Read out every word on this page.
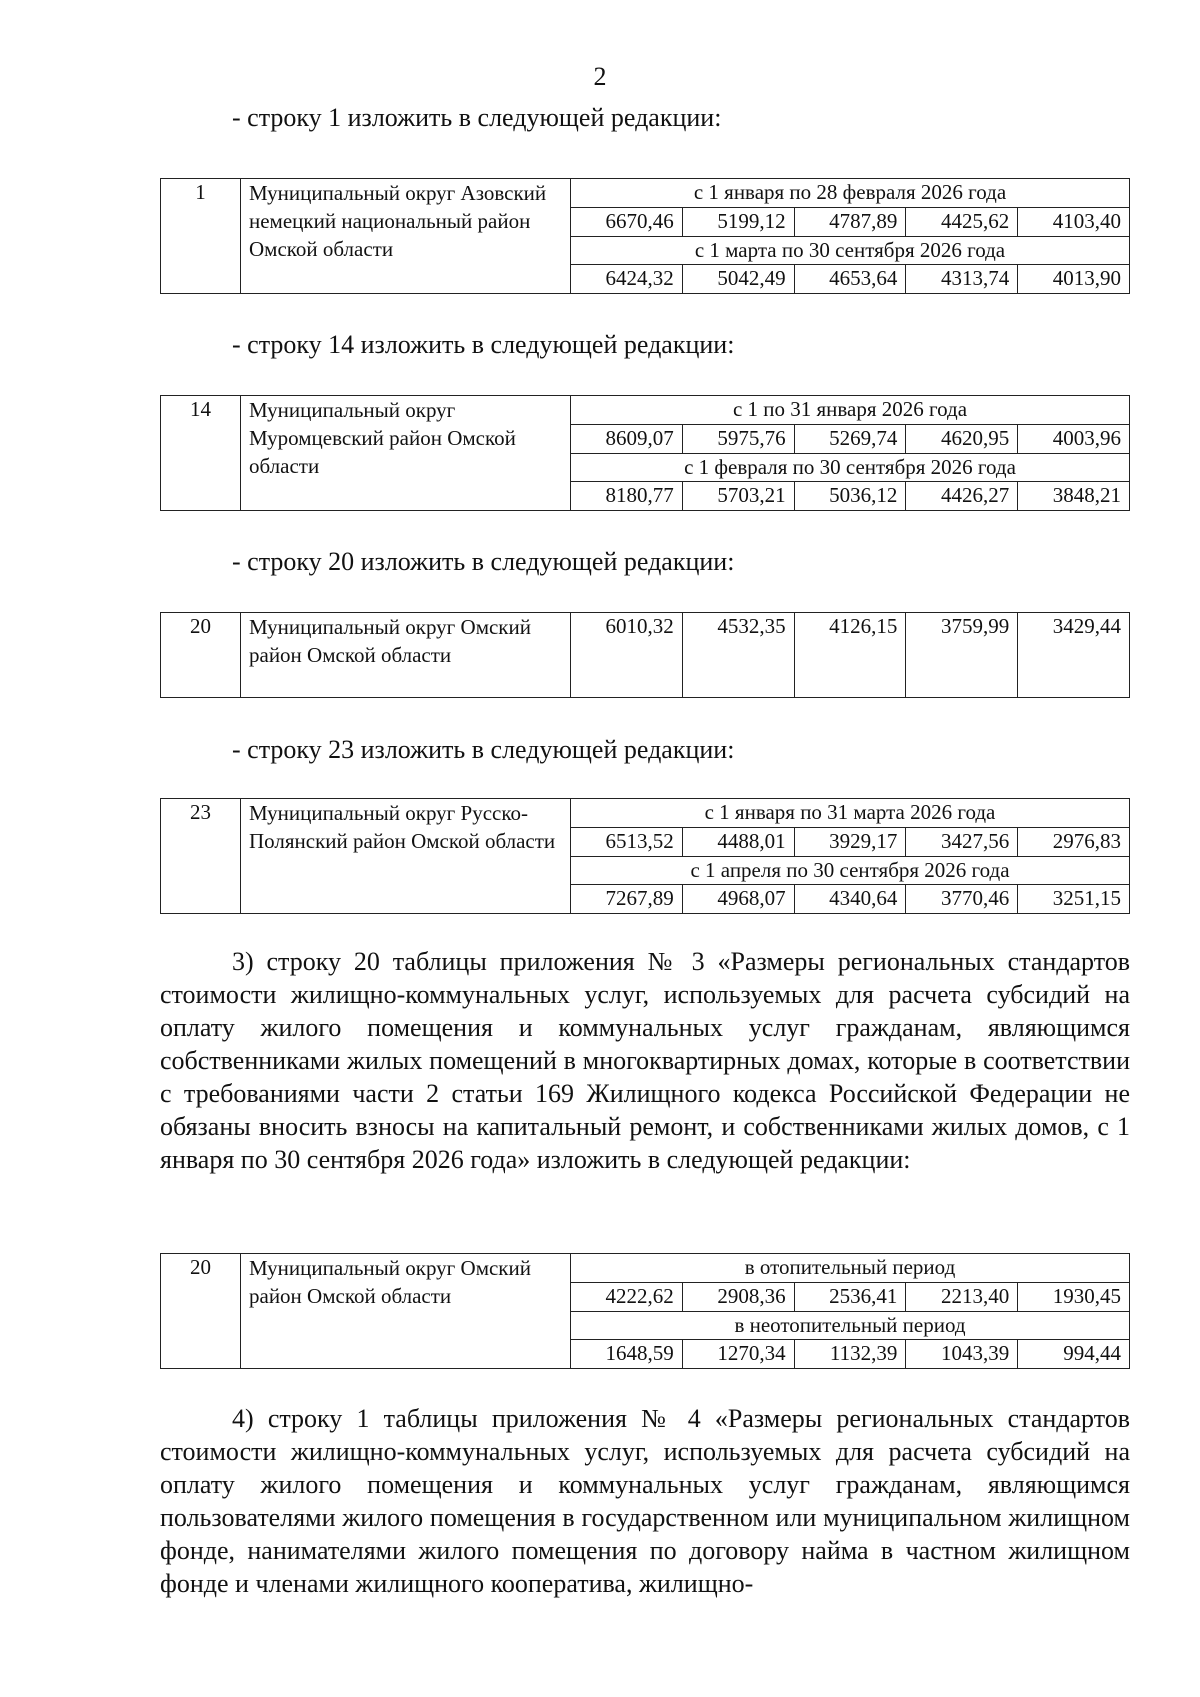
2
- строку 1 изложить в следующей редакции:
1	Муниципальный округ Азовский немецкий национальный район Омской области	с 1 января по 28 февраля 2026 года				
		6670,46	5199,12	4787,89	4425,62	4103,40
		с 1 марта по 30 сентября 2026 года				
		6424,32	5042,49	4653,64	4313,74	4013,90
- строку 14 изложить в следующей редакции:
14	Муниципальный округ Муромцевский район Омской области	с 1 по 31 января 2026 года				
		8609,07	5975,76	5269,74	4620,95	4003,96
		с 1 февраля по 30 сентября 2026 года				
		8180,77	5703,21	5036,12	4426,27	3848,21
- строку 20 изложить в следующей редакции:
20	Муниципальный округ Омский район Омской области	6010,32	4532,35	4126,15	3759,99	3429,44
- строку 23 изложить в следующей редакции:
23	Муниципальный округ Русско-Полянский район Омской области	с 1 января по 31 марта 2026 года				
		6513,52	4488,01	3929,17	3427,56	2976,83
		с 1 апреля по 30 сентября 2026 года				
		7267,89	4968,07	4340,64	3770,46	3251,15

3) строку 20 таблицы приложения № 3 «Размеры региональных стандартов стоимости жилищно-коммунальных услуг, используемых для расчета субсидий на оплату жилого помещения и коммунальных услуг гражданам, являющимся собственниками жилых помещений в многоквартирных домах, которые в соответствии с требованиями части 2 статьи 169 Жилищного кодекса Российской Федерации не обязаны вносить взносы на капитальный ремонт, и собственниками жилых домов, с 1 января по 30 сентября 2026 года» изложить в следующей редакции:

20	Муниципальный округ Омский район Омской области	в отопительный период				
		4222,62	2908,36	2536,41	2213,40	1930,45
		в неотопительный период				
		1648,59	1270,34	1132,39	1043,39	994,44

4) строку 1 таблицы приложения № 4 «Размеры региональных стандартов стоимости жилищно-коммунальных услуг, используемых для расчета субсидий на оплату жилого помещения и коммунальных услуг гражданам, являющимся пользователями жилого помещения в государственном или муниципальном жилищном фонде, нанимателями жилого помещения по договору найма в частном жилищном фонде и членами жилищного кооператива, жилищно-
